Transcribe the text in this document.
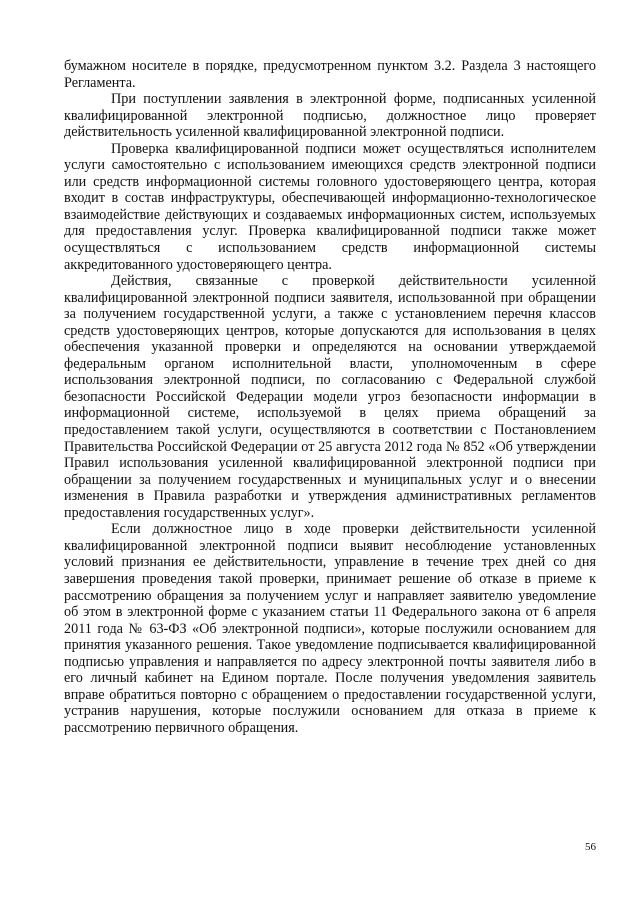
бумажном носителе в порядке, предусмотренном пунктом 3.2. Раздела 3 настоящего Регламента.

При поступлении заявления в электронной форме, подписанных усиленной квалифицированной электронной подписью, должностное лицо проверяет действительность усиленной квалифицированной электронной подписи.

Проверка квалифицированной подписи может осуществляться исполнителем услуги самостоятельно с использованием имеющихся средств электронной подписи или средств информационной системы головного удостоверяющего центра, которая входит в состав инфраструктуры, обеспечивающей информационно-технологическое взаимодействие действующих и создаваемых информационных систем, используемых для предоставления услуг. Проверка квалифицированной подписи также может осуществляться с использованием средств информационной системы аккредитованного удостоверяющего центра.

Действия, связанные с проверкой действительности усиленной квалифицированной электронной подписи заявителя, использованной при обращении за получением государственной услуги, а также с установлением перечня классов средств удостоверяющих центров, которые допускаются для использования в целях обеспечения указанной проверки и определяются на основании утверждаемой федеральным органом исполнительной власти, уполномоченным в сфере использования электронной подписи, по согласованию с Федеральной службой безопасности Российской Федерации модели угроз безопасности информации в информационной системе, используемой в целях приема обращений за предоставлением такой услуги, осуществляются в соответствии с Постановлением Правительства Российской Федерации от 25 августа 2012 года № 852 «Об утверждении Правил использования усиленной квалифицированной электронной подписи при обращении за получением государственных и муниципальных услуг и о внесении изменения в Правила разработки и утверждения административных регламентов предоставления государственных услуг».

Если должностное лицо в ходе проверки действительности усиленной квалифицированной электронной подписи выявит несоблюдение установленных условий признания ее действительности, управление в течение трех дней со дня завершения проведения такой проверки, принимает решение об отказе в приеме к рассмотрению обращения за получением услуг и направляет заявителю уведомление об этом в электронной форме с указанием статьи 11 Федерального закона от 6 апреля 2011 года № 63-ФЗ «Об электронной подписи», которые послужили основанием для принятия указанного решения. Такое уведомление подписывается квалифицированной подписью управления и направляется по адресу электронной почты заявителя либо в его личный кабинет на Едином портале. После получения уведомления заявитель вправе обратиться повторно с обращением о предоставлении государственной услуги, устранив нарушения, которые послужили основанием для отказа в приеме к рассмотрению первичного обращения.

56
